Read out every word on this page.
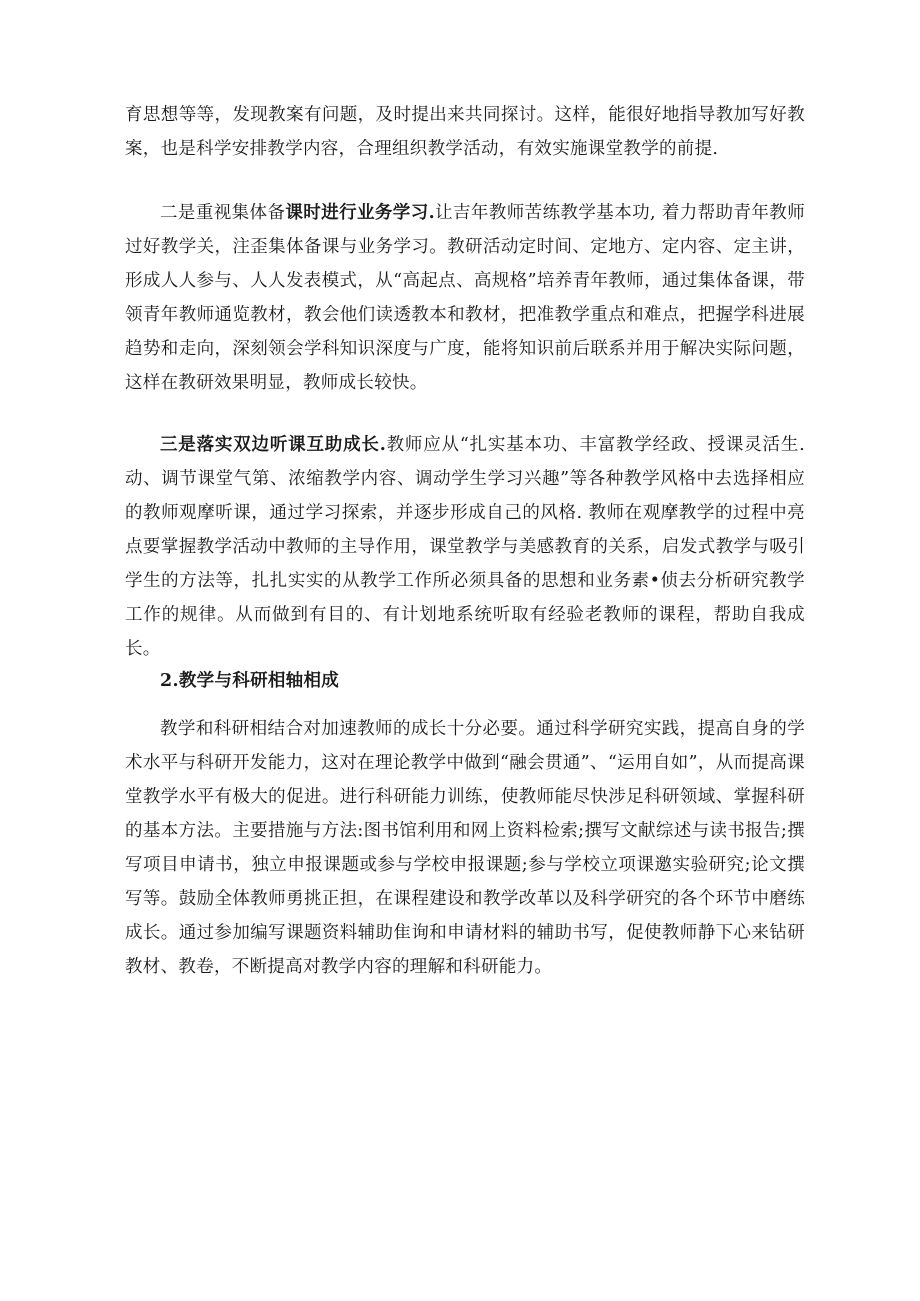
育思想等等，发现教案有问题，及时提出来共同探讨。这样，能很好地指导教加写好教案，也是科学安排教学内容，合理组织教学活动，有效实施课堂教学的前提.

二是重视集体备课时进行业务学习.让吉年教师苦练教学基本功, 着力帮助青年教师过好教学关，注歪集体备课与业务学习。教研活动定时间、定地方、定内容、定主讲，形成人人参与、人人发表模式，从“高起点、高规格”培养青年教师，通过集体备课，带领青年教师通览教材，教会他们读透教本和教材，把准教学重点和难点，把握学科进展趋势和走向，深刻领会学科知识深度与广度，能将知识前后联系并用于解决实际问题，这样在教研效果明显，教师成长较快。

三是落实双边听课互助成长.教师应从“扎实基本功、丰富教学经政、授课灵活生. 动、调节课堂气第、浓缩教学内容、调动学生学习兴趣”等各种教学风格中去选择相应的教师观摩听课，通过学习探索，并逐步形成自己的风格. 教师在观摩教学的过程中亮点要掌握教学活动中教师的主导作用，课堂教学与美感教育的关系，启发式教学与吸引学生的方法等，扎扎实实的从教学工作所必须具备的思想和业务素•侦去分析研究教学工作的规律。从而做到有目的、有计划地系统听取有经验老教师的课程，帮助自我成长。

2.教学与科研相轴相成

教学和科研相结合对加速教师的成长十分必要。通过科学研究实践，提高自身的学术水平与科研开发能力，这对在理论教学中做到“融会贯通”、“运用自如”，从而提高课堂教学水平有极大的促进。进行科研能力训练，使教师能尽快涉足科研领域、掌握科研的基本方法。主要措施与方法:图书馆利用和网上资料检索;撰写文献综述与读书报告;撰写项目申请书，独立申报课题或参与学校申报课题;参与学校立项课邀实验研究;论文撰写等。鼓励全体教师勇挑正担，在课程建设和教学改革以及科学研究的各个环节中磨练成长。通过参加编写课题资料辅助隹询和申请材料的辅助书写，促使教师静下心来钻研教材、教卷，不断提高对教学内容的理解和科研能力。
